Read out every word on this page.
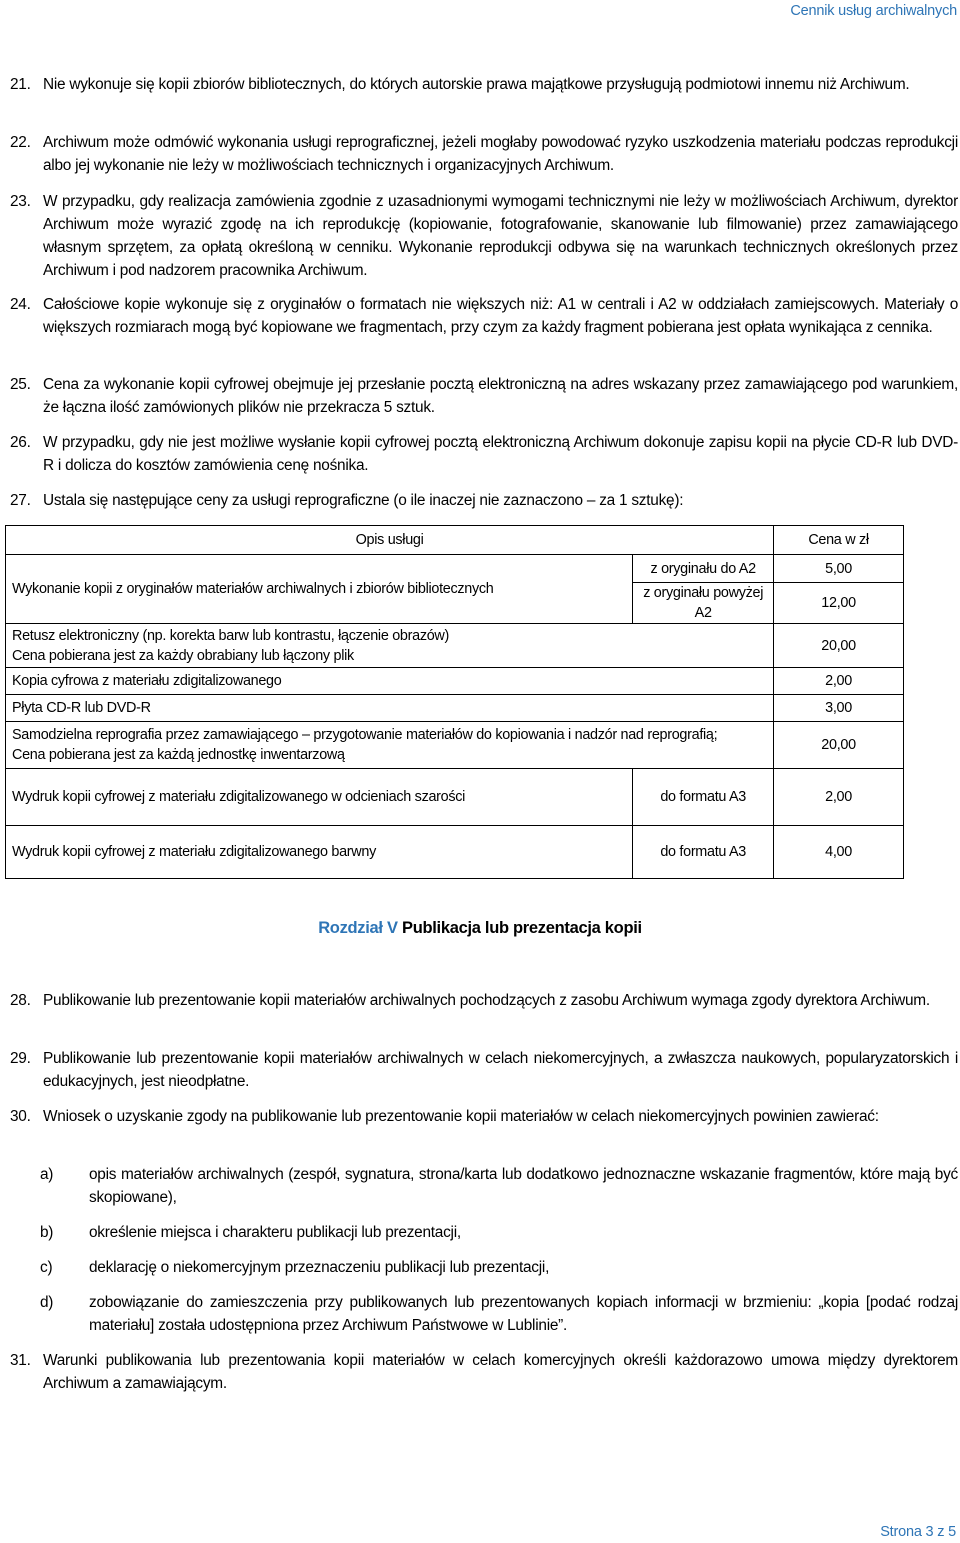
Cennik usług archiwalnych
21. Nie wykonuje się kopii zbiorów bibliotecznych, do których autorskie prawa majątkowe przysługują podmiotowi innemu niż Archiwum.
22. Archiwum może odmówić wykonania usługi reprograficznej, jeżeli mogłaby powodować ryzyko uszkodzenia materiału podczas reprodukcji albo jej wykonanie nie leży w możliwościach technicznych i organizacyjnych Archiwum.
23. W przypadku, gdy realizacja zamówienia zgodnie z uzasadnionymi wymogami technicznymi nie leży w możliwościach Archiwum, dyrektor Archiwum może wyrazić zgodę na ich reprodukcję (kopiowanie, fotografowanie, skanowanie lub filmowanie) przez zamawiającego własnym sprzętem, za opłatą określoną w cenniku. Wykonanie reprodukcji odbywa się na warunkach technicznych określonych przez Archiwum i pod nadzorem pracownika Archiwum.
24. Całościowe kopie wykonuje się z oryginałów o formatach nie większych niż: A1 w centrali i A2 w oddziałach zamiejscowych. Materiały o większych rozmiarach mogą być kopiowane we fragmentach, przy czym za każdy fragment pobierana jest opłata wynikająca z cennika.
25. Cena za wykonanie kopii cyfrowej obejmuje jej przesłanie pocztą elektroniczną na adres wskazany przez zamawiającego pod warunkiem, że łączna ilość zamówionych plików nie przekracza 5 sztuk.
26. W przypadku, gdy nie jest możliwe wysłanie kopii cyfrowej pocztą elektroniczną Archiwum dokonuje zapisu kopii na płycie CD-R lub DVD-R i dolicza do kosztów zamówienia cenę nośnika.
27. Ustala się następujące ceny za usługi reprograficzne (o ile inaczej nie zaznaczono – za 1 sztukę):
Opis usługi		Cena w zł
Wykonanie kopii z oryginałów materiałów archiwalnych i zbiorów bibliotecznych	z oryginału do A2	5,00
	z oryginału powyżej A2	12,00

Retusz elektroniczny (np. korekta barw lub kontrastu, łączenie obrazów)
Cena pobierana jest za każdy obrabiany lub łączony plik		20,00
Kopia cyfrowa z materiału zdigitalizowanego		2,00
Płyta CD-R lub DVD-R		3,00

Samodzielna reprografia przez zamawiającego – przygotowanie materiałów do kopiowania i nadzór nad reprografią;
Cena pobierana jest za każdą jednostkę inwentarzową		20,00
Wydruk kopii cyfrowej z materiału zdigitalizowanego w odcieniach szarości	do formatu A3	2,00
Wydruk kopii cyfrowej z materiału zdigitalizowanego barwny	do formatu A3	4,00
Rozdział V Publikacja lub prezentacja kopii
28. Publikowanie lub prezentowanie kopii materiałów archiwalnych pochodzących z zasobu Archiwum wymaga zgody dyrektora Archiwum.
29. Publikowanie lub prezentowanie kopii materiałów archiwalnych w celach niekomercyjnych, a zwłaszcza naukowych, popularyzatorskich i edukacyjnych, jest nieodpłatne.
30. Wniosek o uzyskanie zgody na publikowanie lub prezentowanie kopii materiałów w celach niekomercyjnych powinien zawierać:
a) opis materiałów archiwalnych (zespół, sygnatura, strona/karta lub dodatkowo jednoznaczne wskazanie fragmentów, które mają być skopiowane),
b) określenie miejsca i charakteru publikacji lub prezentacji,
c) deklarację o niekomercyjnym przeznaczeniu publikacji lub prezentacji,
d) zobowiązanie do zamieszczenia przy publikowanych lub prezentowanych kopiach informacji w brzmieniu: „kopia [podać rodzaj materiału] została udostępniona przez Archiwum Państwowe w Lublinie”.
31. Warunki publikowania lub prezentowania kopii materiałów w celach komercyjnych określi każdorazowo umowa między dyrektorem Archiwum a zamawiającym.
Strona 3 z 5
